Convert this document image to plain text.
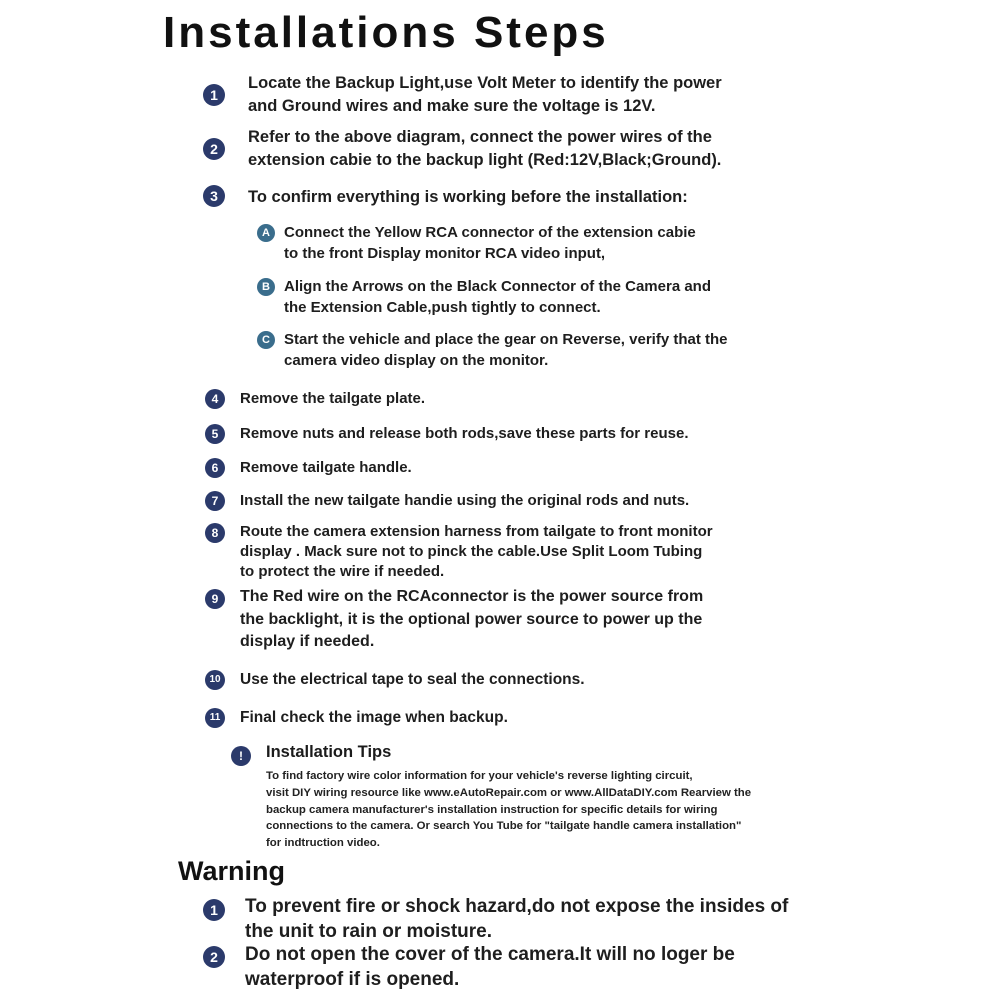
Installations Steps
1
Locate the Backup Light,use Volt Meter to identify the power
and Ground wires and make sure the voltage is 12V.
2
Refer to the above diagram, connect the power wires of the
extension cabie to the backup light (Red:12V,Black;Ground).
3	To confirm everything is working before the installation:
A Connect the Yellow RCA connector of the extension cabie
to the front Display monitor RCA video input,
B Align the Arrows on the Black Connector of the Camera and
the Extension Cable,push tightly to connect.
C Start the vehicle and place the gear on Reverse, verify that the
camera video display on the monitor.
4	Remove the tailgate plate.
5	Remove nuts and release both rods,save these parts for reuse.
6	Remove tailgate handle.
7	Install the new tailgate handie using the original rods and nuts.
8	Route the camera extension harness from tailgate to front monitor
display . Mack sure not to pinck the cable.Use Split Loom Tubing
to protect the wire if needed.
9	The Red wire on the RCAconnector is the power source from
the backlight, it is the optional power source to power up the
display if needed.
10 Use the electrical tape to seal the connections.
11	Final check the image when backup.
!	Installation Tips
To find factory wire color information for your vehicle's reverse lighting circuit,
visit DIY wiring resource like www.eAutoRepair.com or www.AllDataDIY.com Rearview the
backup camera manufacturer's installation instruction for specific details for wiring
connections to the camera. Or search You Tube for "tailgate handle camera installation"
for indtruction video.
Warning
1	To prevent fire or shock hazard,do not expose the insides of
the unit to rain or moisture.
2	Do not open the cover of the camera.It will no loger be
waterproof if is opened.
